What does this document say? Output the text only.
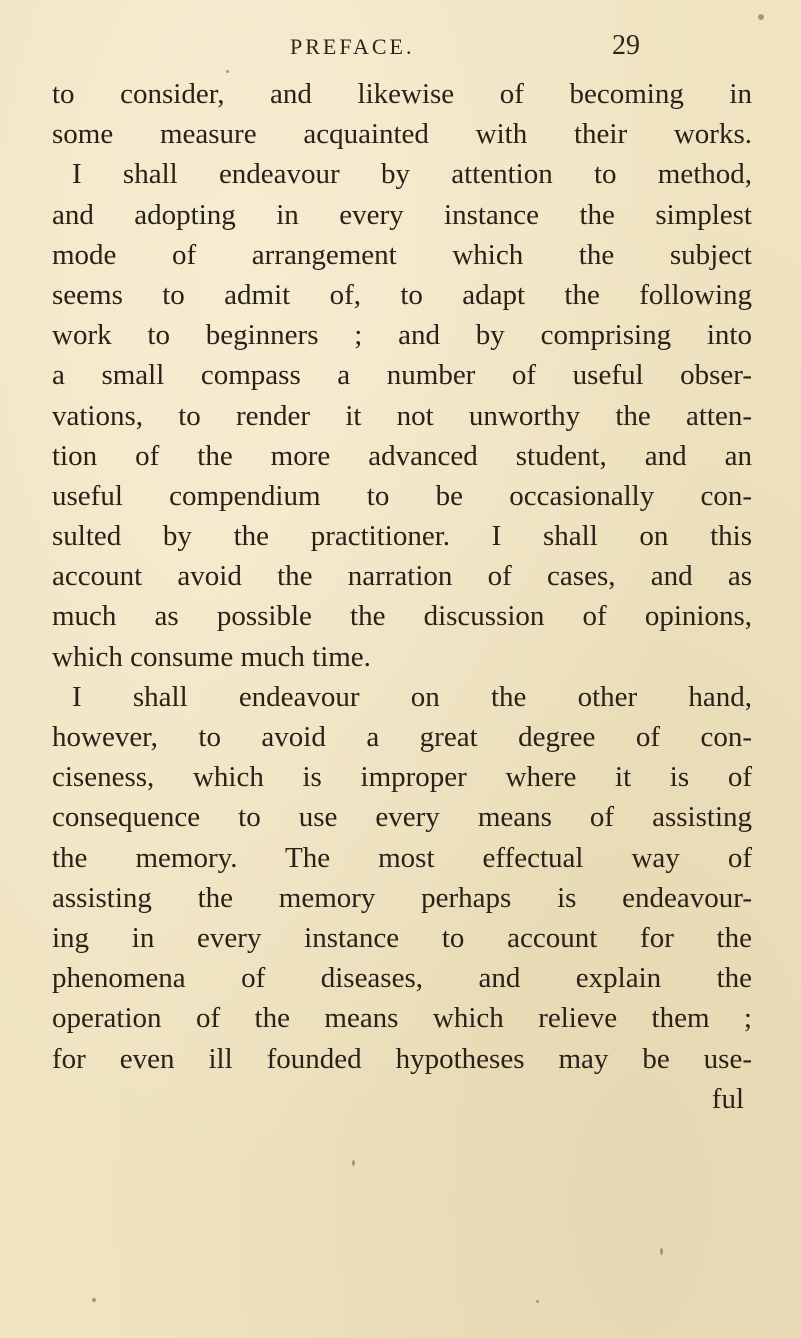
PREFACE.	29
to consider, and likewise of becoming in
some measure acquainted with their works.
I shall endeavour by attention to method,
and adopting in every instance the simplest
mode of arrangement which the subject
seems to admit of, to adapt the following
work to beginners ; and by comprising into
a small compass a number of useful obser-
vations, to render it not unworthy the atten-
tion of the more advanced student, and an
useful compendium to be occasionally con-
sulted by the practitioner. I shall on this
account avoid the narration of cases, and as
much as possible the discussion of opinions,
which consume much time.
I shall endeavour on the other hand,
however, to avoid a great degree of con-
ciseness, which is improper where it is of
consequence to use every means of assisting
the memory. The most effectual way of
assisting the memory perhaps is endeavour-
ing in every instance to account for the
phenomena of diseases, and explain the
operation of the means which relieve them ;
for even ill founded hypotheses may be use-
ful
